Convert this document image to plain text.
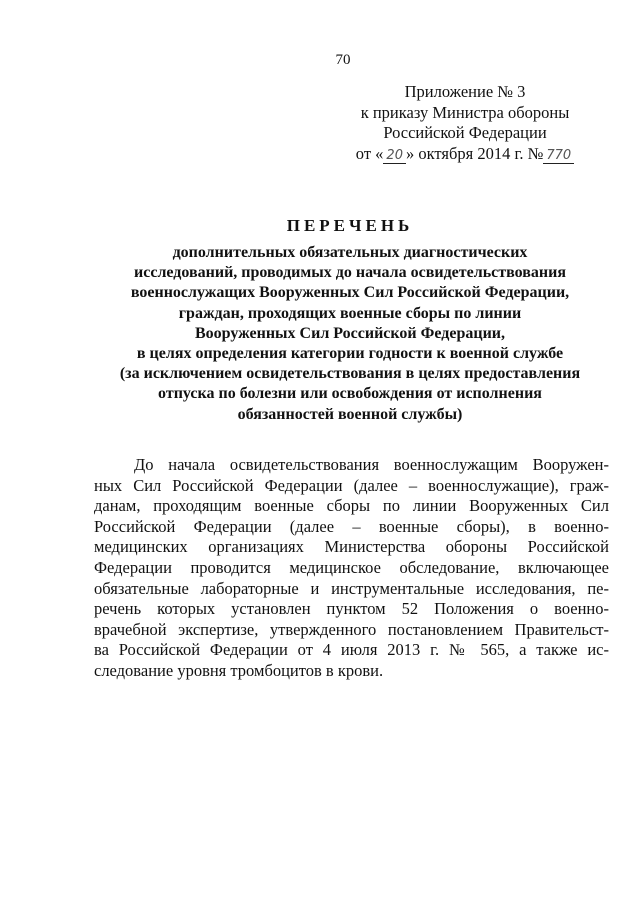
70
Приложение № 3
к приказу Министра обороны
Российской Федерации
от « 20 » октября 2014 г. № 770
ПЕРЕЧЕНЬ
дополнительных обязательных диагностических
исследований, проводимых до начала освидетельствования
военнослужащих Вооруженных Сил Российской Федерации,
граждан, проходящих военные сборы по линии
Вооруженных Сил Российской Федерации,
в целях определения категории годности к военной службе
(за исключением освидетельствования в целях предоставления
отпуска по болезни или освобождения от исполнения
обязанностей военной службы)
До начала освидетельствования военнослужащим Вооружен-
ных Сил Российской Федерации (далее – военнослужащие), граж-
данам, проходящим военные сборы по линии Вооруженных Сил
Российской Федерации (далее – военные сборы), в военно-
медицинских организациях Министерства обороны Российской
Федерации проводится медицинское обследование, включающее
обязательные лабораторные и инструментальные исследования, пе-
речень которых установлен пунктом 52 Положения о военно-
врачебной экспертизе, утвержденного постановлением Правительст-
ва Российской Федерации от 4 июля 2013 г. № 565, а также ис-
следование уровня тромбоцитов в крови.
